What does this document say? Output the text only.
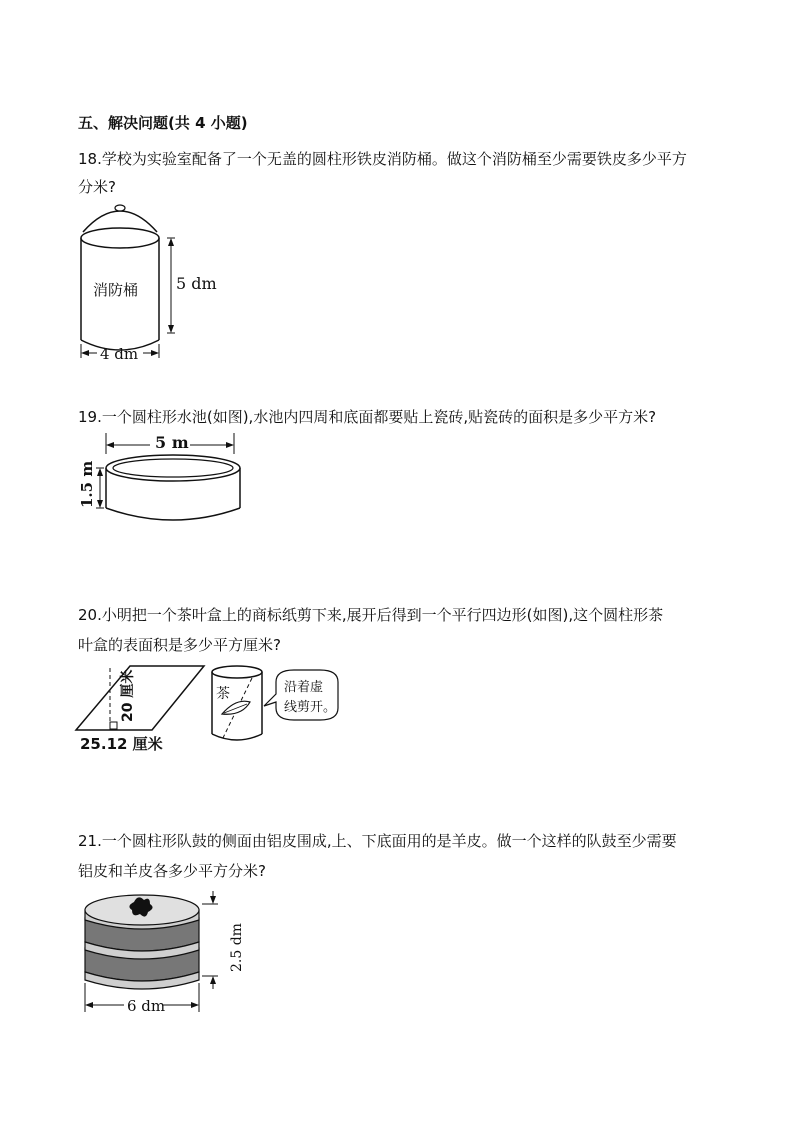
五、解决问题(共 4 小题)
18.学校为实验室配备了一个无盖的圆柱形铁皮消防桶。做这个消防桶至少需要铁皮多少平方
分米?
消防桶 5 dm
4 dm
19.一个圆柱形水池(如图),水池内四周和底面都要贴上瓷砖,贴瓷砖的面积是多少平方米?
5 m
1.5 m
20.小明把一个茶叶盒上的商标纸剪下来,展开后得到一个平行四边形(如图),这个圆柱形茶
叶盒的表面积是多少平方厘米?
20 厘米
25.12 厘米
茶	沿着虚
线剪开。
21.一个圆柱形队鼓的侧面由铝皮围成,上、下底面用的是羊皮。做一个这样的队鼓至少需要
铝皮和羊皮各多少平方分米?
2.5 dm
6 dm
